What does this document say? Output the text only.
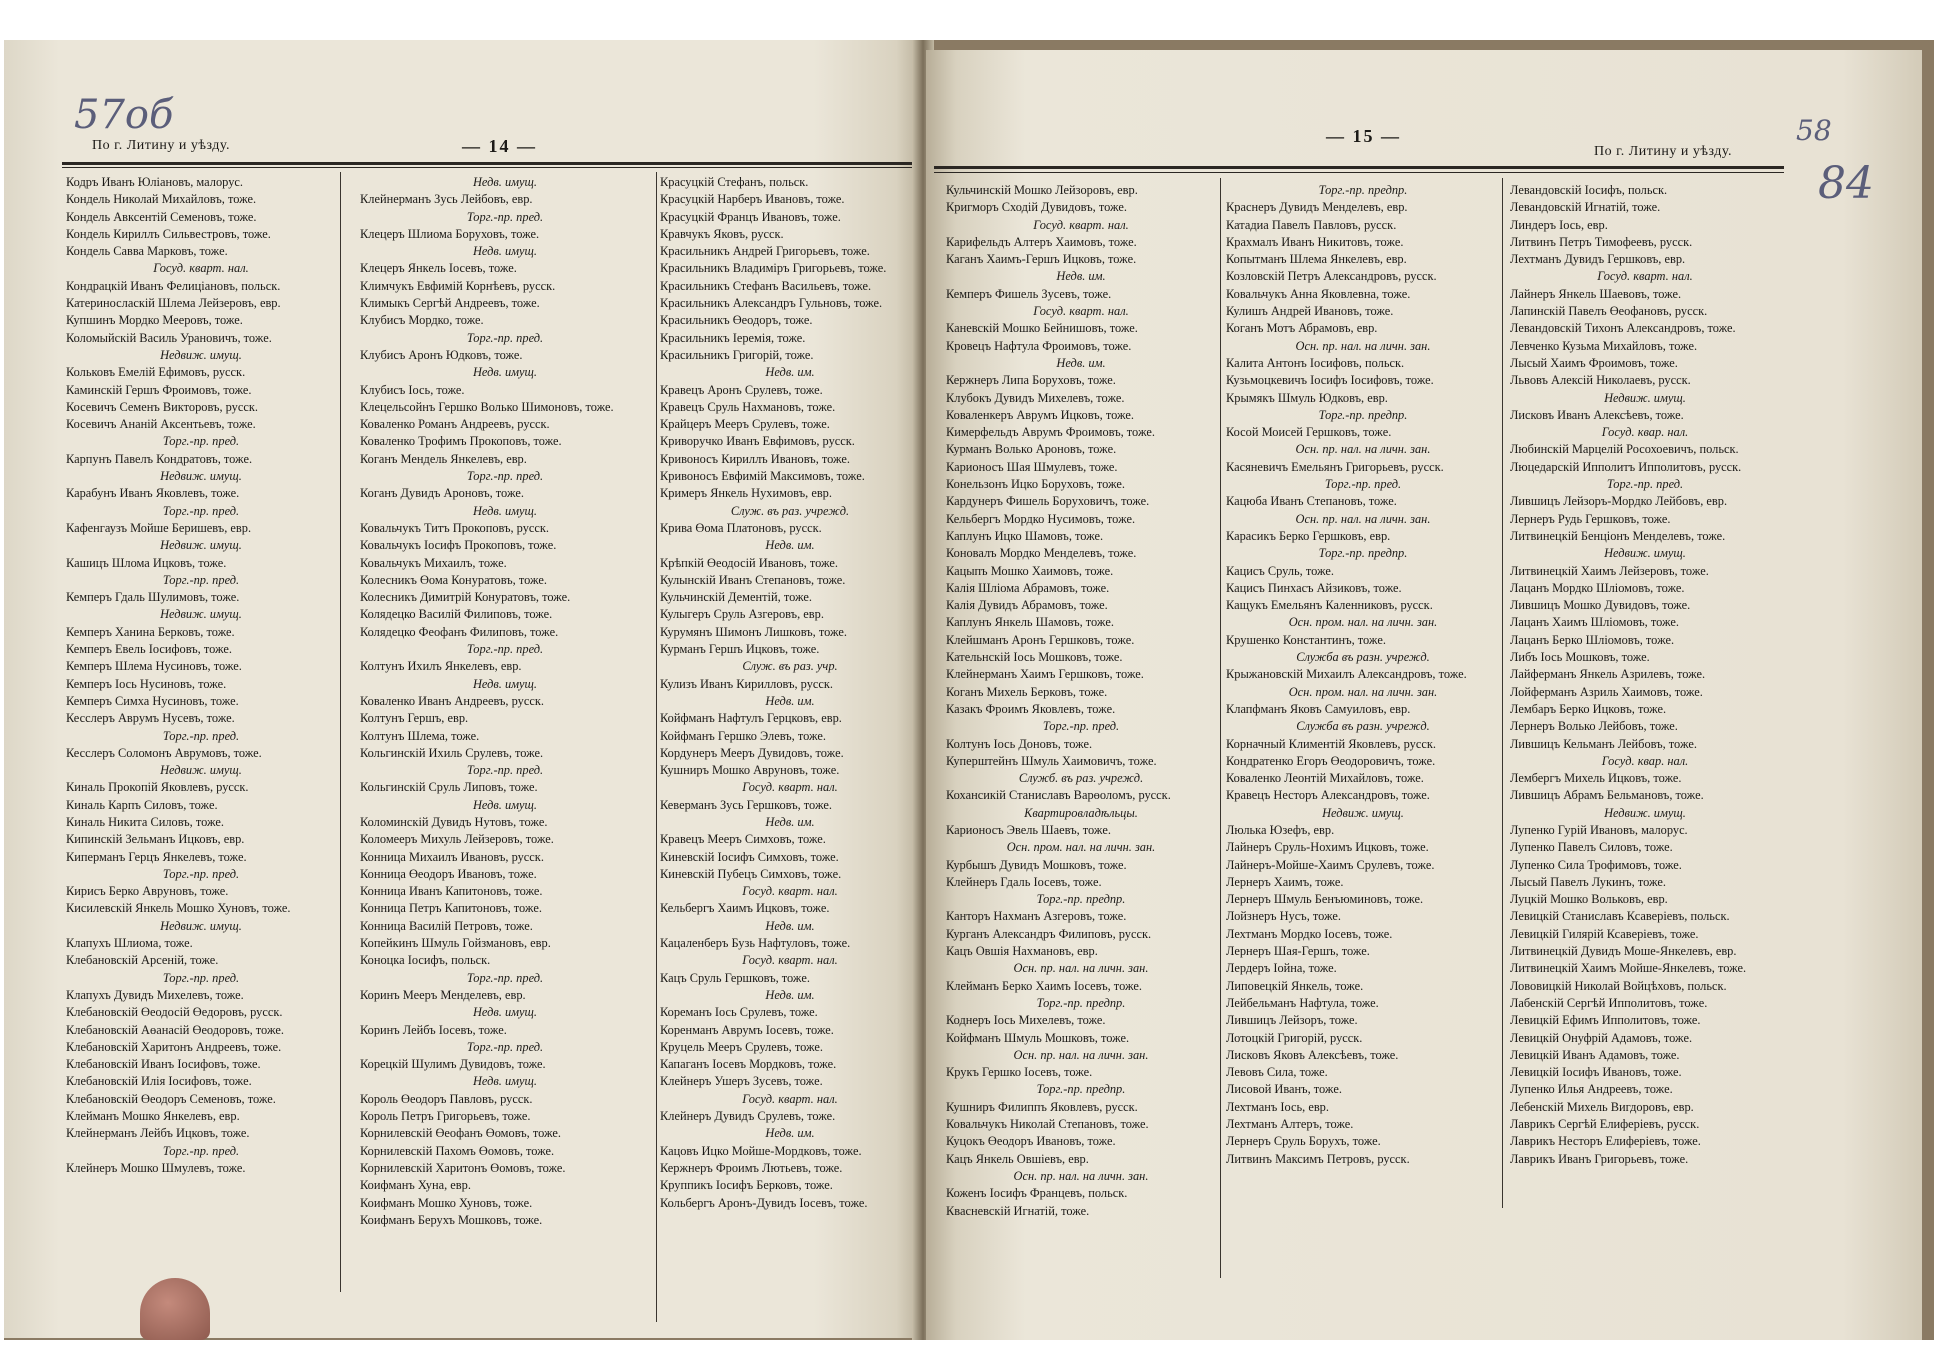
57об
По г. Литину и уѣзду.	— 14 —
Кодръ Иванъ Юліановъ, малорус.
Кондель Николай Михайловъ, тоже.
Кондель Авксентій Семеновъ, тоже.
Кондель Кириллъ Сильвестровъ, тоже.
Кондель Савва Марковъ, тоже.
Госуд. кварт. нал.
Кондрацкій Иванъ Фелиціановъ, польск.
Катериносласкій Шлема Лейзеровъ, евр.
Купшинъ Мордко Мееровъ, тоже.
Коломыйскій Василь Урановичъ, тоже.
Недвиж. имущ.
Кольковъ Емелій Ефимовъ, русск.
Каминскій Гершъ Фроимовъ, тоже.
Косевичъ Семенъ Викторовъ, русск.
Косевичъ Ананій Аксентьевъ, тоже.
Торг.-пр. пред.
Карпунъ Павелъ Кондратовъ, тоже.
Недвиж. имущ.
Карабунъ Иванъ Яковлевъ, тоже.
Торг.-пр. пред.
Кафенгаузъ Мойше Беришевъ, евр.
Недвиж. имущ.
Кашицъ Шлома Ицковъ, тоже.
Торг.-пр. пред.
Кемперъ Гдаль Шулимовъ, тоже.
Недвиж. имущ.
Кемперъ Ханина Берковъ, тоже.
Кемперъ Евель Іосифовъ, тоже.
Кемперъ Шлема Нусиновъ, тоже.
Кемперъ Іось Нусиновъ, тоже.
Кемперъ Симха Нусиновъ, тоже.
Кесслеръ Аврумъ Нусевъ, тоже.
Торг.-пр. пред.
Кесслеръ Соломонъ Аврумовъ, тоже.
Недвиж. имущ.
Киналь Прокопій Яковлевъ, русск.
Киналь Карпъ Силовъ, тоже.
Киналь Никита Силовъ, тоже.
Кипинскій Зельманъ Ицковъ, евр.
Киперманъ Герцъ Янкелевъ, тоже.
Торг.-пр. пред.
Кирисъ Берко Авруновъ, тоже.
Кисилевскій Янкель Мошко Хуновъ, тоже.
Недвиж. имущ.
Клапухъ Шлиома, тоже.
Клебановскій Арсеній, тоже.
Торг.-пр. пред.
Клапухъ Дувидъ Михелевъ, тоже.
Клебановскій Өеодосій Өедоровъ, русск.
Клебановскій Аөанасій Өеодоровъ, тоже.
Клебановскій Харитонъ Андреевъ, тоже.
Клебановскій Иванъ Іосифовъ, тоже.
Клебановскій Илія Іосифовъ, тоже.
Клебановскій Өеодоръ Семеновъ, тоже.
Клейманъ Мошко Янкелевъ, евр.
Клейнерманъ Лейбъ Ицковъ, тоже.
Торг.-пр. пред.
Клейнеръ Мошко Шмулевъ, тоже.
Недв. имущ.
Клейнерманъ Зусь Лейбовъ, евр.
Торг.-пр. пред.
Клецеръ Шлиома Боруховъ, тоже.
Недв. имущ.
Клецеръ Янкель Іосевъ, тоже.
Климчукъ Евфимій Корнѣевъ, русск.
Климыкъ Сергѣй Андреевъ, тоже.
Клубисъ Мордко, тоже.
Торг.-пр. пред.
Клубисъ Аронъ Юдковъ, тоже.
Недв. имущ.
Клубисъ Іось, тоже.
Клецельсойнъ Гершко Волько Шимоновъ, тоже.
Коваленко Романъ Андреевъ, русск.
Коваленко Трофимъ Прокоповъ, тоже.
Коганъ Мендель Янкелевъ, евр.
Торг.-пр. пред.
Коганъ Дувидъ Ароновъ, тоже.
Недв. имущ.
Ковальчукъ Титъ Прокоповъ, русск.
Ковальчукъ Іосифъ Прокоповъ, тоже.
Ковальчукъ Михаилъ, тоже.
Колесникъ Өома Конуратовъ, тоже.
Колесникъ Димитрій Конуратовъ, тоже.
Колядецко Василій Филиповъ, тоже.
Колядецко Феофанъ Филиповъ, тоже.
Торг.-пр. пред.
Колтунъ Ихилъ Янкелевъ, евр.
Недв. имущ.
Коваленко Иванъ Андреевъ, русск.
Колтунъ Гершъ, евр.
Колтунъ Шлема, тоже.
Кольгинскій Ихиль Срулевъ, тоже.
Торг.-пр. пред.
Кольгинскій Сруль Липовъ, тоже.
Недв. имущ.
Коломинскій Дувидъ Нутовъ, тоже.
Коломееръ Михуль Лейзеровъ, тоже.
Конница Михаилъ Ивановъ, русск.
Конница Өеодоръ Ивановъ, тоже.
Конница Иванъ Капитоновъ, тоже.
Конница Петръ Капитоновъ, тоже.
Конница Василій Петровъ, тоже.
Копейкинъ Шмуль Гойзмановъ, евр.
Коноцка Іосифъ, польск.
Торг.-пр. пред.
Коринъ Мееръ Менделевъ, евр.
Недв. имущ.
Коринъ Лейбъ Іосевъ, тоже.
Торг.-пр. пред.
Корецкій Шулимъ Дувидовъ, тоже.
Недв. имущ.
Король Өеодоръ Павловъ, русск.
Король Петръ Григорьевъ, тоже.
Корнилевскій Өеофанъ Өомовъ, тоже.
Корнилевскій Пахомъ Өомовъ, тоже.
Корнилевскій Харитонъ Өомовъ, тоже.
Коифманъ Хуна, евр.
Коифманъ Мошко Хуновъ, тоже.
Коифманъ Берухъ Мошковъ, тоже.
Красуцкій Стефанъ, польск.
Красуцкій Нарберъ Ивановъ, тоже.
Красуцкій Францъ Ивановъ, тоже.
Кравчукъ Яковъ, русск.
Красильникъ Андрей Григорьевъ, тоже.
Красильникъ Владиміръ Григорьевъ, тоже.
Красильникъ Стефанъ Васильевъ, тоже.
Красильникъ Александръ Гульновъ, тоже.
Красильникъ Өеодоръ, тоже.
Красильникъ Іеремія, тоже.
Красильникъ Григорій, тоже.
Недв. им.
Кравецъ Аронъ Срулевъ, тоже.
Кравецъ Сруль Нахмановъ, тоже.
Крайцеръ Мееръ Срулевъ, тоже.
Криворучко Иванъ Евфимовъ, русск.
Кривоносъ Кириллъ Ивановъ, тоже.
Кривоносъ Евфимій Максимовъ, тоже.
Кримеръ Янкель Нухимовъ, евр.
Служ. въ раз. учрежд.
Крива Өома Платоновъ, русск.
Недв. им.
Крѣпкій Өеодосій Ивановъ, тоже.
Кулынскій Иванъ Степановъ, тоже.
Кульчинскій Дементій, тоже.
Кулыгеръ Сруль Азгеровъ, евр.
Курумянъ Шимонъ Лишковъ, тоже.
Курманъ Гершъ Ицковъ, тоже.
Служ. въ раз. учр.
Кулизъ Иванъ Кирилловъ, русск.
Недв. им.
Койфманъ Нафтулъ Герцковъ, евр.
Койфманъ Гершко Элевъ, тоже.
Кордунеръ Мееръ Дувидовъ, тоже.
Кушниръ Мошко Авруновъ, тоже.
Госуд. кварт. нал.
Кеверманъ Зусь Гершковъ, тоже.
Недв. им.
Кравецъ Мееръ Симховъ, тоже.
Киневскій Іосифъ Симховъ, тоже.
Киневскій Пубецъ Симховъ, тоже.
Госуд. кварт. нал.
Кельбергъ Хаимъ Ицковъ, тоже.
Недв. им.
Кацаленберъ Бузь Нафтуловъ, тоже.
Госуд. кварт. нал.
Кацъ Сруль Гершковъ, тоже.
Недв. им.
Кореманъ Іось Срулевъ, тоже.
Коренманъ Аврумъ Іосевъ, тоже.
Круцель Мееръ Срулевъ, тоже.
Капаганъ Іосевъ Мордковъ, тоже.
Клейнеръ Ушеръ Зусевъ, тоже.
Госуд. кварт. нал.
Клейнеръ Дувидъ Срулевъ, тоже.
Недв. им.
Кацовъ Ицко Мойше-Мордковъ, тоже.
Кержнеръ Фроимъ Лютьевъ, тоже.
Круппикъ Іосифъ Берковъ, тоже.
Кольбергъ Аронъ-Дувидъ Іосевъ, тоже.
— 15 —
По г. Литину и уѣзду.
58
84
Кульчинскій Мошко Лейзоровъ, евр.
Кригморъ Сходій Дувидовъ, тоже.
Госуд. кварт. нал.
Карифельдъ Алтеръ Хаимовъ, тоже.
Каганъ Хаимъ-Гершъ Ицковъ, тоже.
Недв. им.
Кемперъ Фишель Зусевъ, тоже.
Госуд. кварт. нал.
Каневскій Мошко Бейнишовъ, тоже.
Кровецъ Нафтула Фроимовъ, тоже.
Недв. им.
Кержнеръ Липа Боруховъ, тоже.
Клубокъ Дувидъ Михелевъ, тоже.
Коваленкеръ Аврумъ Ицковъ, тоже.
Кимерфельдъ Аврумъ Фроимовъ, тоже.
Курманъ Волько Ароновъ, тоже.
Карионосъ Шая Шмулевъ, тоже.
Конельзонъ Ицко Боруховъ, тоже.
Кардунеръ Фишель Боруховичъ, тоже.
Кельбергъ Мордко Нусимовъ, тоже.
Каплунъ Ицко Шамовъ, тоже.
Коновалъ Мордко Менделевъ, тоже.
Кацыпъ Мошко Хаимовъ, тоже.
Калія Шліома Абрамовъ, тоже.
Калія Дувидъ Абрамовъ, тоже.
Каплунъ Янкель Шамовъ, тоже.
Клейшманъ Аронъ Гершковъ, тоже.
Кательнскій Іось Мошковъ, тоже.
Клейнерманъ Хаимъ Гершковъ, тоже.
Коганъ Михель Берковъ, тоже.
Казакъ Фроимъ Яковлевъ, тоже.
Торг.-пр. пред.
Колтунъ Іось Доновъ, тоже.
Куперштейнъ Шмуль Хаимовичъ, тоже.
Служб. въ раз. учрежд.
Кохансикій Станиславъ Варөоломъ, русск.
Квартировладѣльцы.
Карионосъ Эвель Шаевъ, тоже.
Осн. пром. нал. на личн. зан.
Курбышъ Дувидъ Мошковъ, тоже.
Клейнеръ Гдаль Іосевъ, тоже.
Торг.-пр. предпр.
Канторъ Нахманъ Азгеровъ, тоже.
Курганъ Александръ Филиповъ, русск.
Кацъ Овшія Нахмановъ, евр.
Осн. пр. нал. на личн. зан.
Клейманъ Берко Хаимъ Іосевъ, тоже.
Торг.-пр. предпр.
Коднеръ Іось Михелевъ, тоже.
Койфманъ Шмуль Мошковъ, тоже.
Осн. пр. нал. на личн. зан.
Крукъ Гершко Іосевъ, тоже.
Торг.-пр. предпр.
Кушниръ Филиппъ Яковлевъ, русск.
Ковальчукъ Николай Степановъ, тоже.
Куцокъ Өеодоръ Ивановъ, тоже.
Кацъ Янкель Овшіевъ, евр.
Осн. пр. нал. на личн. зан.
Коженъ Іосифъ Францевъ, польск.
Квасневскій Игнатій, тоже.
Торг.-пр. предпр.
Краснеръ Дувидъ Менделевъ, евр.
Катадиа Павелъ Павловъ, русск.
Крахмалъ Иванъ Никитовъ, тоже.
Копытманъ Шлема Янкелевъ, евр.
Козловскій Петръ Александровъ, русск.
Ковальчукъ Анна Яковлевна, тоже.
Кулишъ Андрей Ивановъ, тоже.
Коганъ Мотъ Абрамовъ, евр.
Осн. пр. нал. на личн. зан.
Калита Антонъ Іосифовъ, польск.
Кузьмоцкевичъ Іосифъ Іосифовъ, тоже.
Крымякъ Шмуль Юдковъ, евр.
Торг.-пр. предпр.
Косой Моисей Гершковъ, тоже.
Осн. пр. нал. на личн. зан.
Касяневичъ Емельянъ Григорьевъ, русск.
Торг.-пр. пред.
Кацюба Иванъ Степановъ, тоже.
Осн. пр. нал. на личн. зан.
Карасикъ Берко Гершковъ, евр.
Торг.-пр. предпр.
Кацисъ Сруль, тоже.
Кацисъ Пинхасъ Айзиковъ, тоже.
Кащукъ Емельянъ Каленниковъ, русск.
Осн. пром. нал. на личн. зан.
Крушенко Константинъ, тоже.
Служба въ разн. учрежд.
Крыжановскій Михаилъ Александровъ, тоже.
Осн. пром. нал. на личн. зан.
Клапфманъ Яковъ Самуиловъ, евр.
Служба въ разн. учрежд.
Корначный Климентій Яковлевъ, русск.
Кондратенко Егоръ Өеодоровичъ, тоже.
Коваленко Леонтій Михайловъ, тоже.
Кравецъ Несторъ Александровъ, тоже.
Недвиж. имущ.
Люлька Юзефъ, евр.
Лайнеръ Сруль-Нохимъ Ицковъ, тоже.
Лайнеръ-Мойше-Хаимъ Срулевъ, тоже.
Лернеръ Хаимъ, тоже.
Лернеръ Шмуль Бенъюминовъ, тоже.
Лойзнеръ Нусъ, тоже.
Лехтманъ Мордко Іосевъ, тоже.
Лернеръ Шая-Гершъ, тоже.
Лердеръ Іойна, тоже.
Липовецкій Янкель, тоже.
Лейбельманъ Нафтула, тоже.
Лившицъ Лейзоръ, тоже.
Лотоцкій Григорій, русск.
Лисковъ Яковъ Алексѣевъ, тоже.
Левовъ Сила, тоже.
Лисовой Иванъ, тоже.
Лехтманъ Іось, евр.
Лехтманъ Алтеръ, тоже.
Лернеръ Сруль Борухъ, тоже.
Литвинъ Максимъ Петровъ, русск.
Левандовскій Іосифъ, польск.
Левандовскій Игнатій, тоже.
Линдеръ Іось, евр.
Литвинъ Петръ Тимофеевъ, русск.
Лехтманъ Дувидъ Гершковъ, евр.
Госуд. кварт. нал.
Лайнеръ Янкель Шаевовъ, тоже.
Лапинскій Павелъ Өеофановъ, русск.
Левандовскій Тихонъ Александровъ, тоже.
Левченко Кузьма Михайловъ, тоже.
Лысый Хаимъ Фроимовъ, тоже.
Львовъ Алексій Николаевъ, русск.
Недвиж. имущ.
Лисковъ Иванъ Алексѣевъ, тоже.
Госуд. квар. нал.
Любинскій Марцелій Росохоевичъ, польск.
Люцедарскій Ипполитъ Ипполитовъ, русск.
Торг.-пр. пред.
Лившицъ Лейзоръ-Мордко Лейбовъ, евр.
Лернеръ Рудь Гершковъ, тоже.
Литвинецкій Бенціонъ Менделевъ, тоже.
Недвиж. имущ.
Литвинецкій Хаимъ Лейзеровъ, тоже.
Лацанъ Мордко Шліомовъ, тоже.
Лившицъ Мошко Дувидовъ, тоже.
Лацанъ Хаимъ Шліомовъ, тоже.
Лацанъ Берко Шліомовъ, тоже.
Либъ Іось Мошковъ, тоже.
Лайферманъ Янкель Азрилевъ, тоже.
Лойферманъ Азриль Хаимовъ, тоже.
Лембаръ Берко Ицковъ, тоже.
Лернеръ Волько Лейбовъ, тоже.
Лившицъ Кельманъ Лейбовъ, тоже.
Госуд. квар. нал.
Лембергъ Михель Ицковъ, тоже.
Лившицъ Абрамъ Бельмановъ, тоже.
Недвиж. имущ.
Лупенко Гурій Ивановъ, малорус.
Лупенко Павелъ Силовъ, тоже.
Лупенко Сила Трофимовъ, тоже.
Лысый Павелъ Лукинъ, тоже.
Луцкій Мошко Вольковъ, евр.
Левицкій Станиславъ Ксаверіевъ, польск.
Левицкій Гилярій Ксаверіевъ, тоже.
Литвинецкій Дувидъ Моше-Янкелевъ, евр.
Литвинецкій Хаимъ Мойше-Янкелевъ, тоже.
Лововицкій Николай Войцѣховъ, польск.
Лабенскій Сергѣй Ипполитовъ, тоже.
Левицкій Ефимъ Ипполитовъ, тоже.
Левицкій Онуфрій Адамовъ, тоже.
Левицкій Иванъ Адамовъ, тоже.
Левицкій Іосифъ Ивановъ, тоже.
Лупенко Илья Андреевъ, тоже.
Лебенскій Михель Вигдоровъ, евр.
Лаврикъ Сергѣй Елиферіевъ, русск.
Лаврикъ Несторъ Елиферіевъ, тоже.
Лаврикъ Иванъ Григорьевъ, тоже.
